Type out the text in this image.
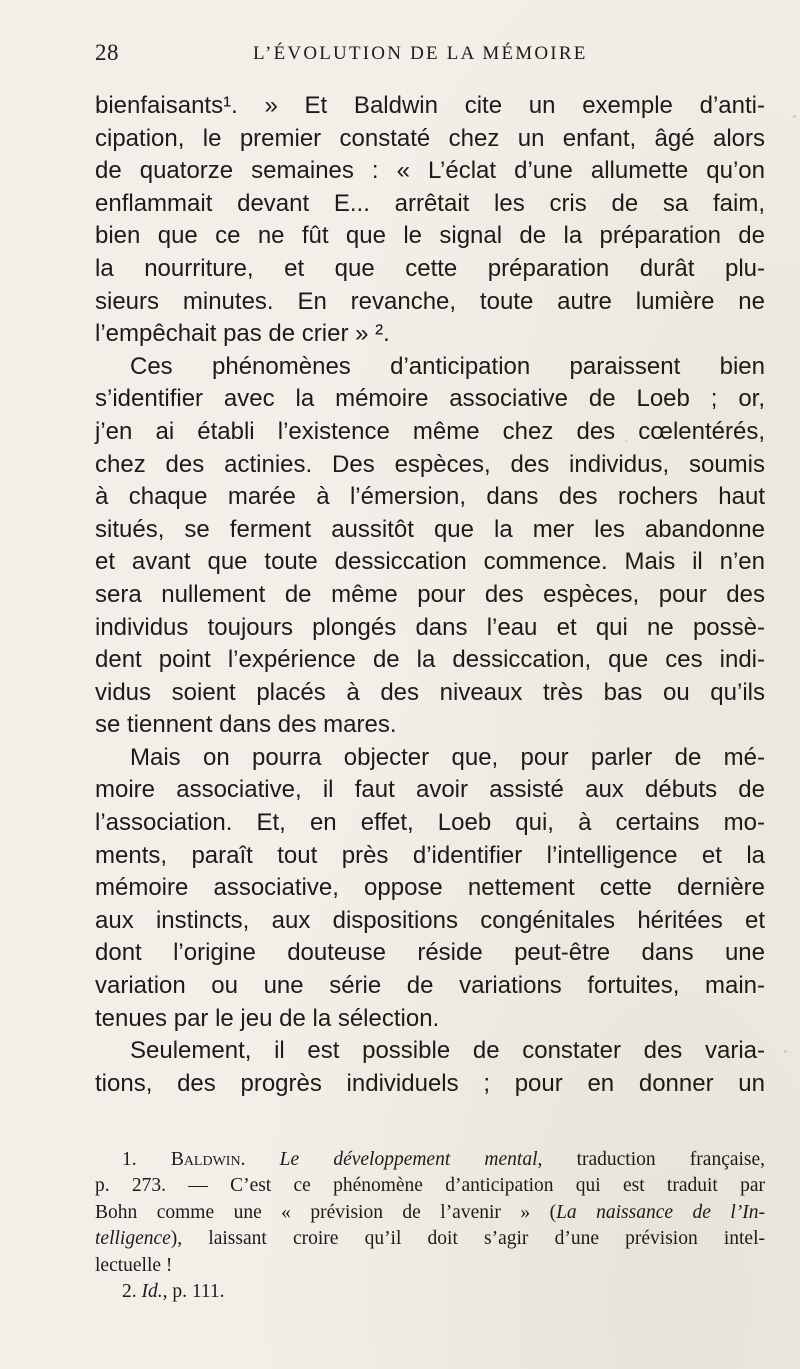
28	L’ÉVOLUTION DE LA MÉMOIRE
bienfaisants¹. » Et Baldwin cite un exemple d’anti-
cipation, le premier constaté chez un enfant, âgé alors
de quatorze semaines : « L’éclat d’une allumette qu’on
enflammait devant E... arrêtait les cris de sa faim,
bien que ce ne fût que le signal de la préparation de
la nourriture, et que cette préparation durât plu-
sieurs minutes. En revanche, toute autre lumière ne
l’empêchait pas de crier » ².
Ces phénomènes d’anticipation paraissent bien
s’identifier avec la mémoire associative de Loeb ; or,
j’en ai établi l’existence même chez des cœlentérés,
chez des actinies. Des espèces, des individus, soumis
à chaque marée à l’émersion, dans des rochers haut
situés, se ferment aussitôt que la mer les abandonne
et avant que toute dessiccation commence. Mais il n’en
sera nullement de même pour des espèces, pour des
individus toujours plongés dans l’eau et qui ne possè-
dent point l’expérience de la dessiccation, que ces indi-
vidus soient placés à des niveaux très bas ou qu’ils
se tiennent dans des mares.
Mais on pourra objecter que, pour parler de mé-
moire associative, il faut avoir assisté aux débuts de
l’association. Et, en effet, Loeb qui, à certains mo-
ments, paraît tout près d’identifier l’intelligence et la
mémoire associative, oppose nettement cette dernière
aux instincts, aux dispositions congénitales héritées et
dont l’origine douteuse réside peut-être dans une
variation ou une série de variations fortuites, main-
tenues par le jeu de la sélection.
Seulement, il est possible de constater des varia-
tions, des progrès individuels ; pour en donner un
1. Baldwin. Le développement mental, traduction française,
p. 273. — C’est ce phénomène d’anticipation qui est traduit par
Bohn comme une « prévision de l’avenir » (La naissance de l’In-
telligence), laissant croire qu’il doit s’agir d’une prévision intel-
lectuelle !
2. Id., p. 111.
